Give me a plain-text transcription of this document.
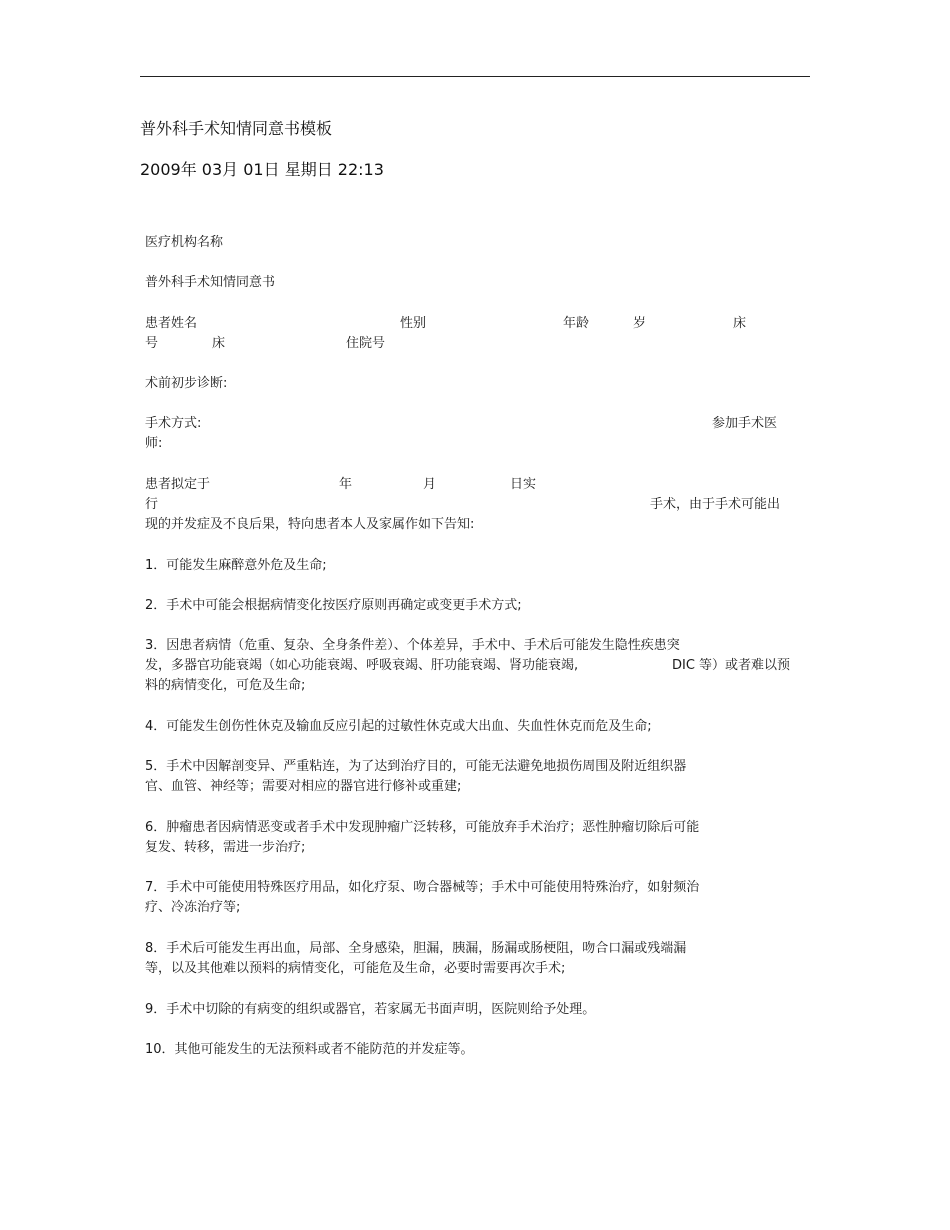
普外科手术知情同意书模板
2009年 03月 01日 星期日 22:13
医疗机构名称
普外科手术知情同意书
患者姓名	性别	年龄	岁	床
号	床	住院号
术前初步诊断:
手术方式:	参加手术医
师:
患者拟定于	年	月	日实
行	手术，由于手术可能出
现的并发症及不良后果，特向患者本人及家属作如下告知:
1．可能发生麻醉意外危及生命;
2．手术中可能会根据病情变化按医疗原则再确定或变更手术方式;
3．因患者病情（危重、复杂、全身条件差）、个体差异，手术中、手术后可能发生隐性疾患突
发，多器官功能衰竭（如心功能衰竭、呼吸衰竭、肝功能衰竭、肾功能衰竭,	DIC 等）或者难以预
料的病情变化，可危及生命;
4．可能发生创伤性休克及输血反应引起的过敏性休克或大出血、失血性休克而危及生命;
5．手术中因解剖变异、严重粘连，为了达到治疗目的，可能无法避免地损伤周围及附近组织器
官、血管、神经等；需要对相应的器官进行修补或重建;
6．肿瘤患者因病情恶变或者手术中发现肿瘤广泛转移，可能放弃手术治疗；恶性肿瘤切除后可能
复发、转移，需进一步治疗;
7．手术中可能使用特殊医疗用品，如化疗泵、吻合器械等；手术中可能使用特殊治疗，如射频治
疗、冷冻治疗等;
8．手术后可能发生再出血，局部、全身感染，胆漏，胰漏，肠漏或肠梗阻，吻合口漏或残端漏
等，以及其他难以预料的病情变化，可能危及生命，必要时需要再次手术;
9．手术中切除的有病变的组织或器官，若家属无书面声明，医院则给予处理。
10．其他可能发生的无法预料或者不能防范的并发症等。
